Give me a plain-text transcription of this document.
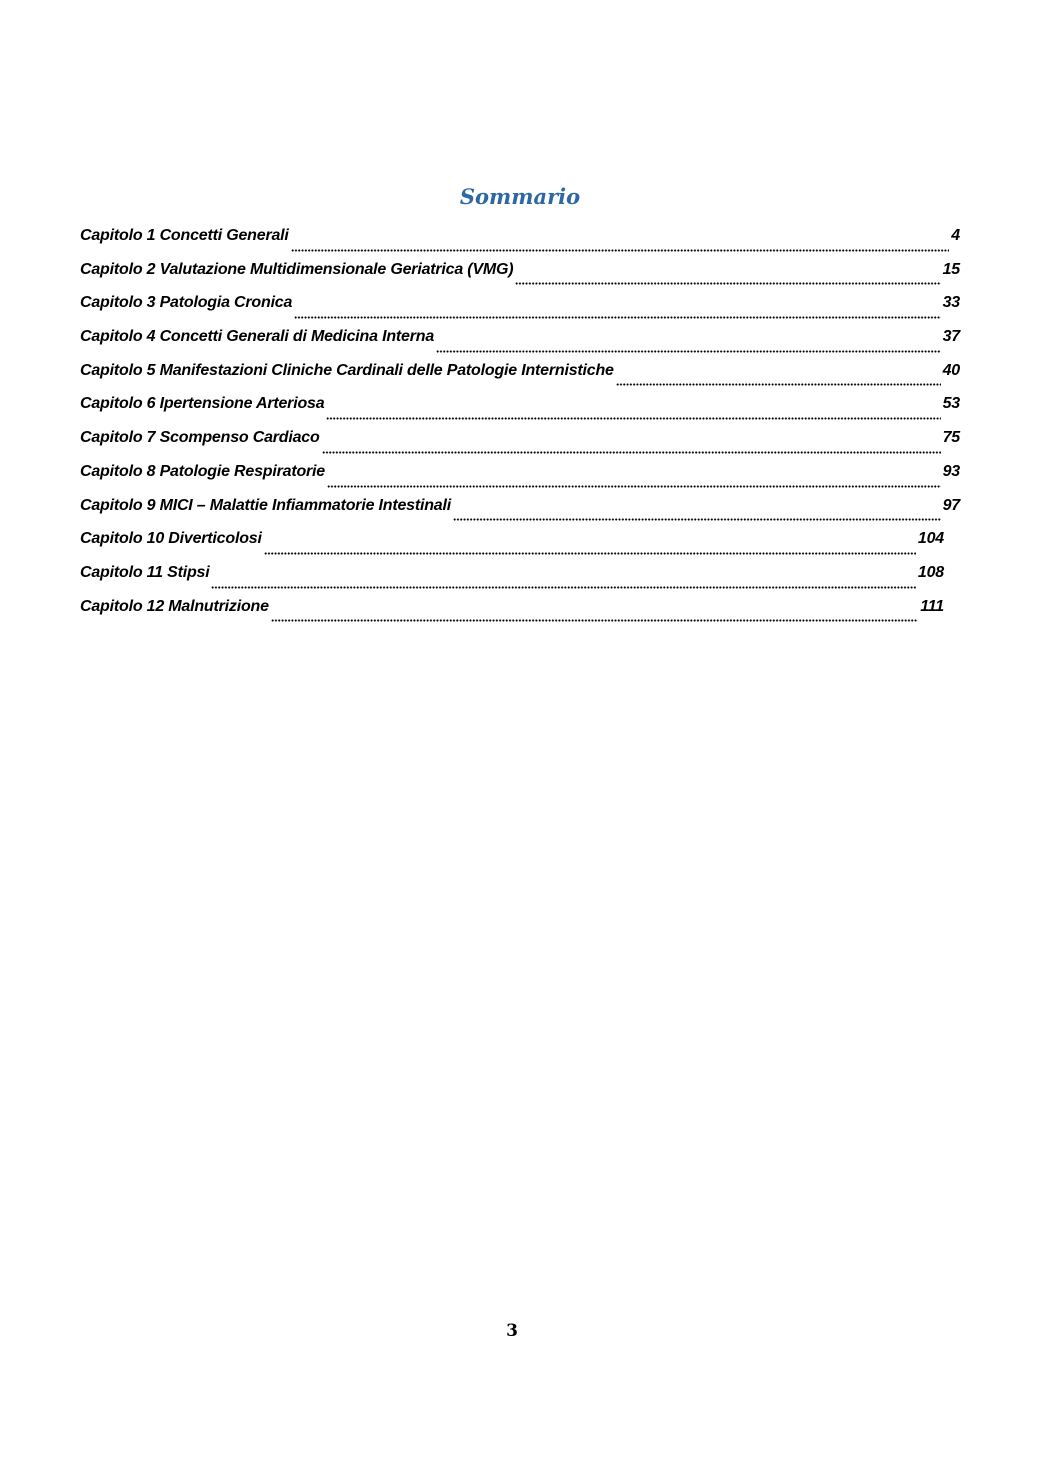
Sommario
Capitolo 1 Concetti Generali	4
Capitolo 2 Valutazione Multidimensionale Geriatrica (VMG)	15
Capitolo 3 Patologia Cronica	33
Capitolo 4 Concetti Generali di Medicina Interna	37
Capitolo 5 Manifestazioni Cliniche Cardinali delle Patologie Internistiche	40
Capitolo 6 Ipertensione Arteriosa	53
Capitolo 7 Scompenso Cardiaco	75
Capitolo 8 Patologie Respiratorie	93
Capitolo 9 MICI – Malattie Infiammatorie Intestinali	97
Capitolo 10 Diverticolosi	104
Capitolo 11 Stipsi	108
Capitolo 12 Malnutrizione	111
3
